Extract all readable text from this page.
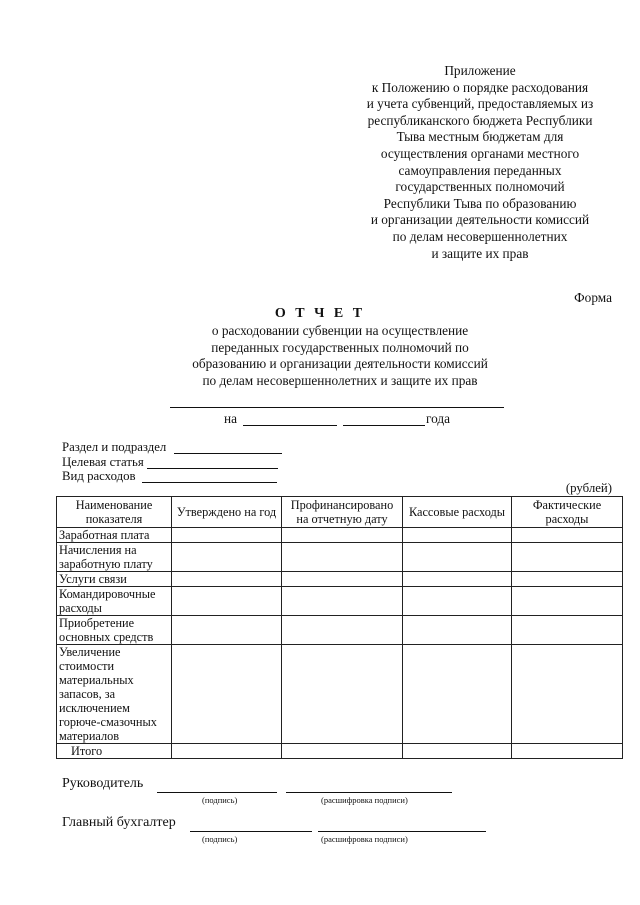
Приложение
к Положению о порядке расходования
и учета субвенций, предоставляемых из
республиканского бюджета Республики
Тыва местным бюджетам для
осуществления органами местного
самоуправления переданных
государственных полномочий
Республики Тыва по образованию
и организации деятельности комиссий
по делам несовершеннолетних
и защите их прав
Форма
О Т Ч Е Т
о расходовании субвенции на осуществление
переданных государственных полномочий по
образованию и организации деятельности комиссий
по делам несовершеннолетних и защите их прав
на	года
Раздел и подраздел
Целевая статья
Вид расходов
(рублей)
Наименование показателя	Утверждено на год	Профинансировано на отчетную дату	Кассовые расходы	Фактические расходы
Заработная плата				
Начисления на заработную плату				
Услуги связи				
Командировочные расходы				
Приобретение основных средств				
Увеличение стоимости материальных запасов, за исключением горюче-смазочных материалов				
Итого				
Руководитель
(подпись)	(расшифровка подписи)
Главный бухгалтер
(подпись)	(расшифровка подписи)
